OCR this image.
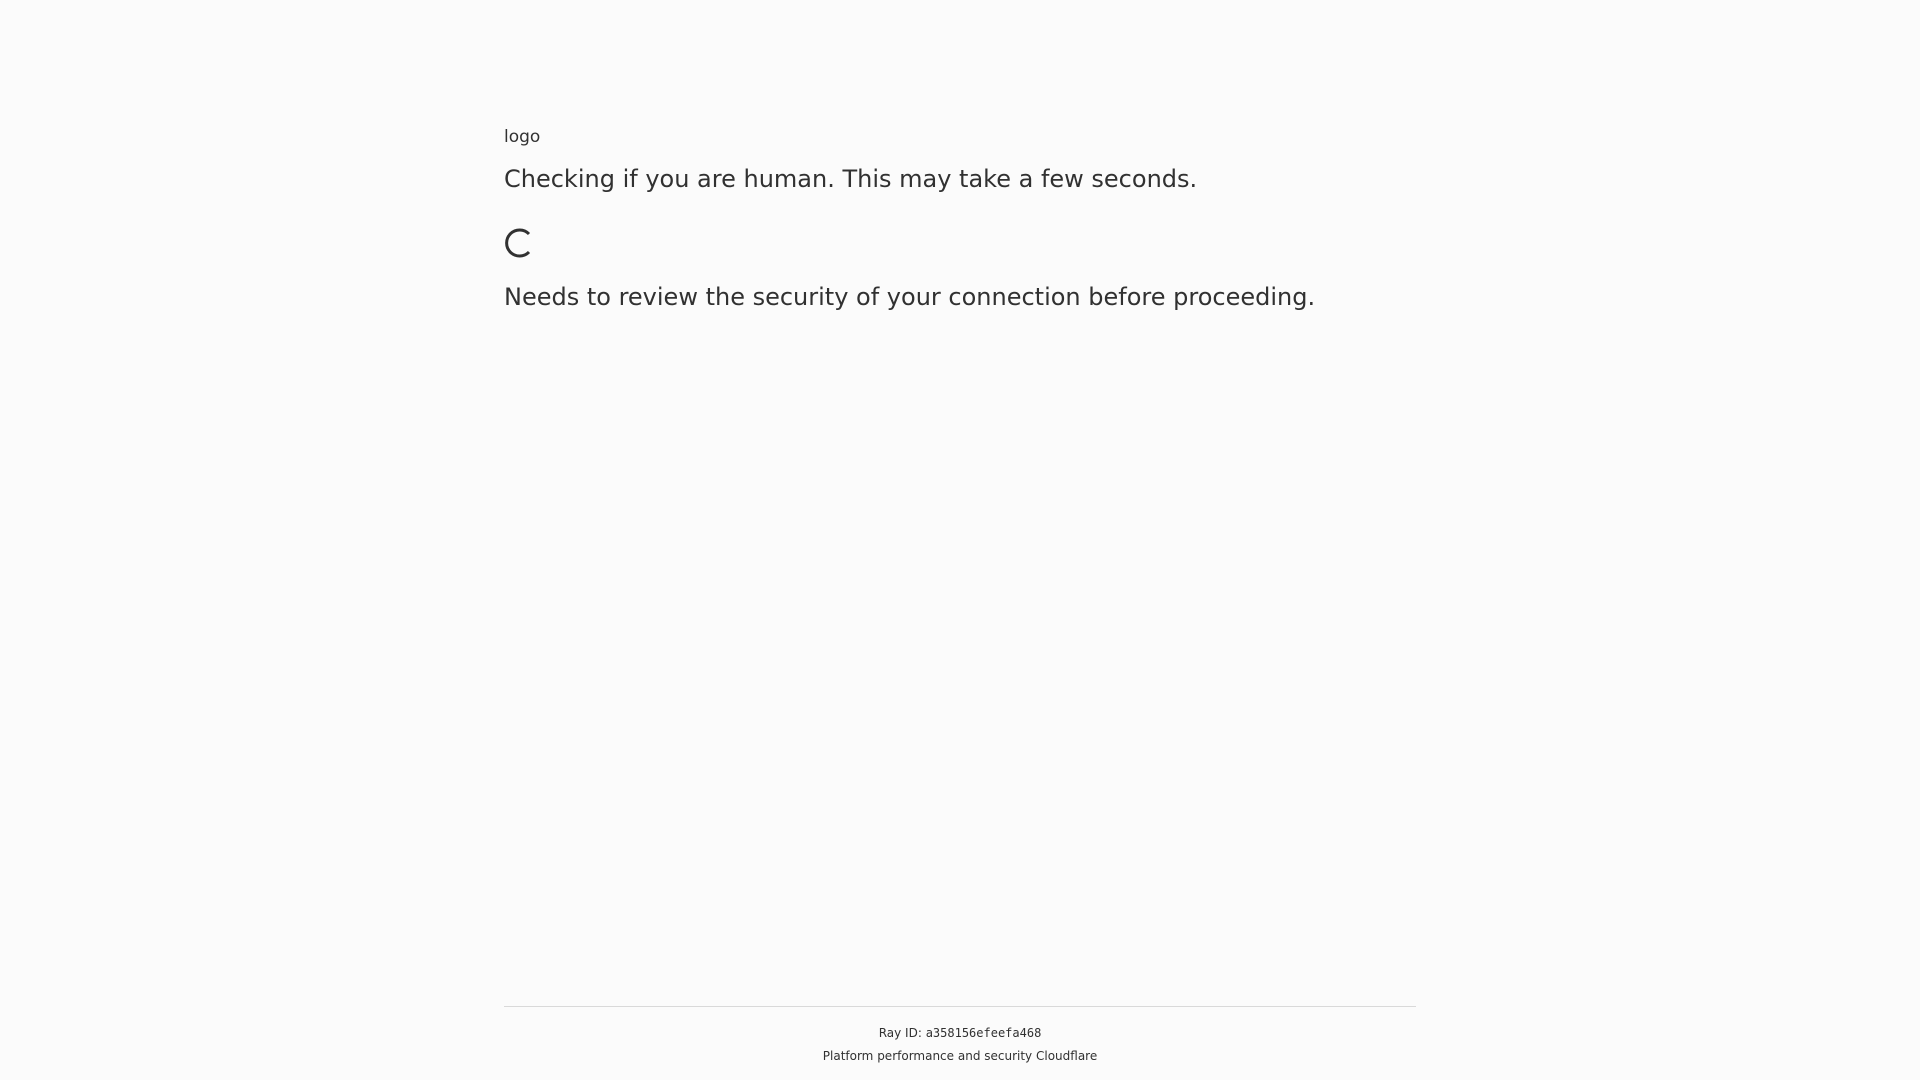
logo
Checking if you are human. This may take a few seconds.
Needs to review the security of your connection before proceeding.
Ray ID: a358156efeefa468
Platform performance and security Cloudflare
